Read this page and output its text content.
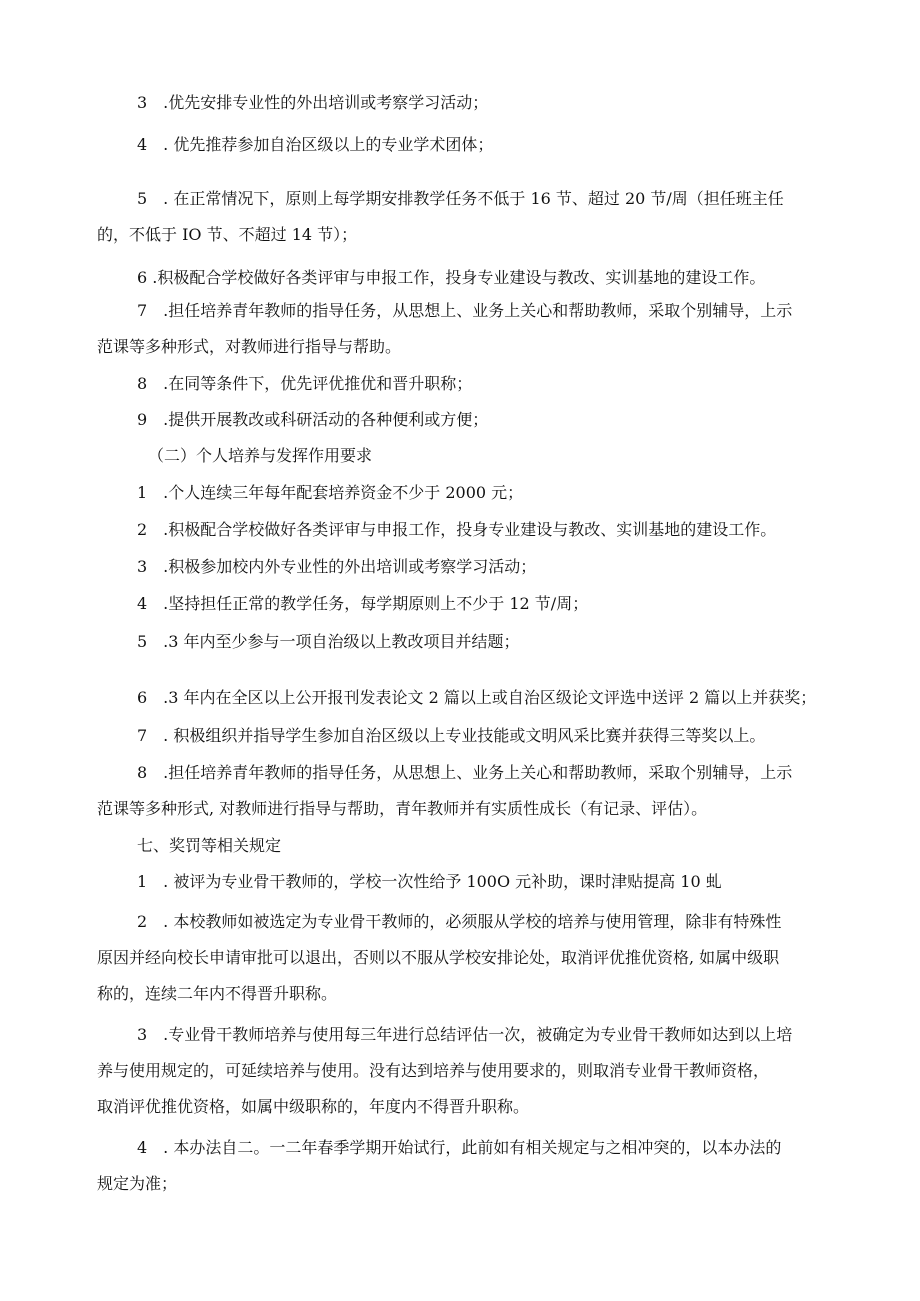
3　.优先安排专业性的外出培训或考察学习活动；

4　. 优先推荐参加自治区级以上的专业学术团体；

5　. 在正常情况下，原则上每学期安排教学任务不低于 16 节、超过 20 节/周（担任班主任

的，不低于 IO 节、不超过 14 节）；

6 .积极配合学校做好各类评审与申报工作，投身专业建设与教改、实训基地的建设工作。

7　.担任培养青年教师的指导任务，从思想上、业务上关心和帮助教师，采取个别辅导，上示

范课等多种形式，对教师进行指导与帮助。

8　.在同等条件下，优先评优推优和晋升职称；

9　.提供开展教改或科研活动的各种便利或方便；

（二）个人培养与发挥作用要求

1　.个人连续三年每年配套培养资金不少于 2000 元；

2　.积极配合学校做好各类评审与申报工作，投身专业建设与教改、实训基地的建设工作。

3　.积极参加校内外专业性的外出培训或考察学习活动；

4　.坚持担任正常的教学任务，每学期原则上不少于 12 节/周；

5　.3 年内至少参与一项自治级以上教改项目并结题；

6　.3 年内在全区以上公开报刊发表论文 2 篇以上或自治区级论文评选中送评 2 篇以上并获奖；

7　. 积极组织并指导学生参加自治区级以上专业技能或文明风采比赛并获得三等奖以上。

8　.担任培养青年教师的指导任务，从思想上、业务上关心和帮助教师，采取个别辅导，上示

范课等多种形式, 对教师进行指导与帮助，青年教师并有实质性成长（有记录、评估）。

七、奖罚等相关规定

1　. 被评为专业骨干教师的，学校一次性给予 100O 元补助，课时津贴提高 10 虬

2　. 本校教师如被选定为专业骨干教师的，必须服从学校的培养与使用管理，除非有特殊性

原因并经向校长申请审批可以退出，否则以不服从学校安排论处，取消评优推优资格, 如属中级职

称的，连续二年内不得晋升职称。

3　.专业骨干教师培养与使用每三年进行总结评估一次，被确定为专业骨干教师如达到以上培

养与使用规定的，可延续培养与使用。没有达到培养与使用要求的，则取消专业骨干教师资格，

取消评优推优资格，如属中级职称的，年度内不得晋升职称。

4　. 本办法自二。一二年春季学期开始试行，此前如有相关规定与之相冲突的，以本办法的

规定为准；
